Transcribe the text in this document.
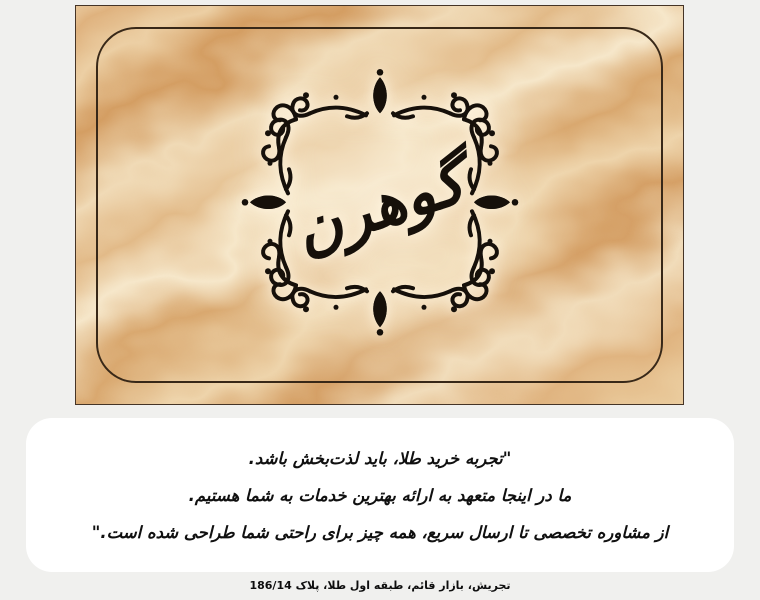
گوهرن

"تجربه خرید طلا، باید لذت‌بخش باشد.

ما در اینجا متعهد به ارائه بهترین خدمات به شما هستیم.

از مشاوره تخصصی تا ارسال سریع، همه چیز برای راحتی شما طراحی شده است."

تجریش، بازار قائم، طبقه اول طلا، پلاک 186/14
